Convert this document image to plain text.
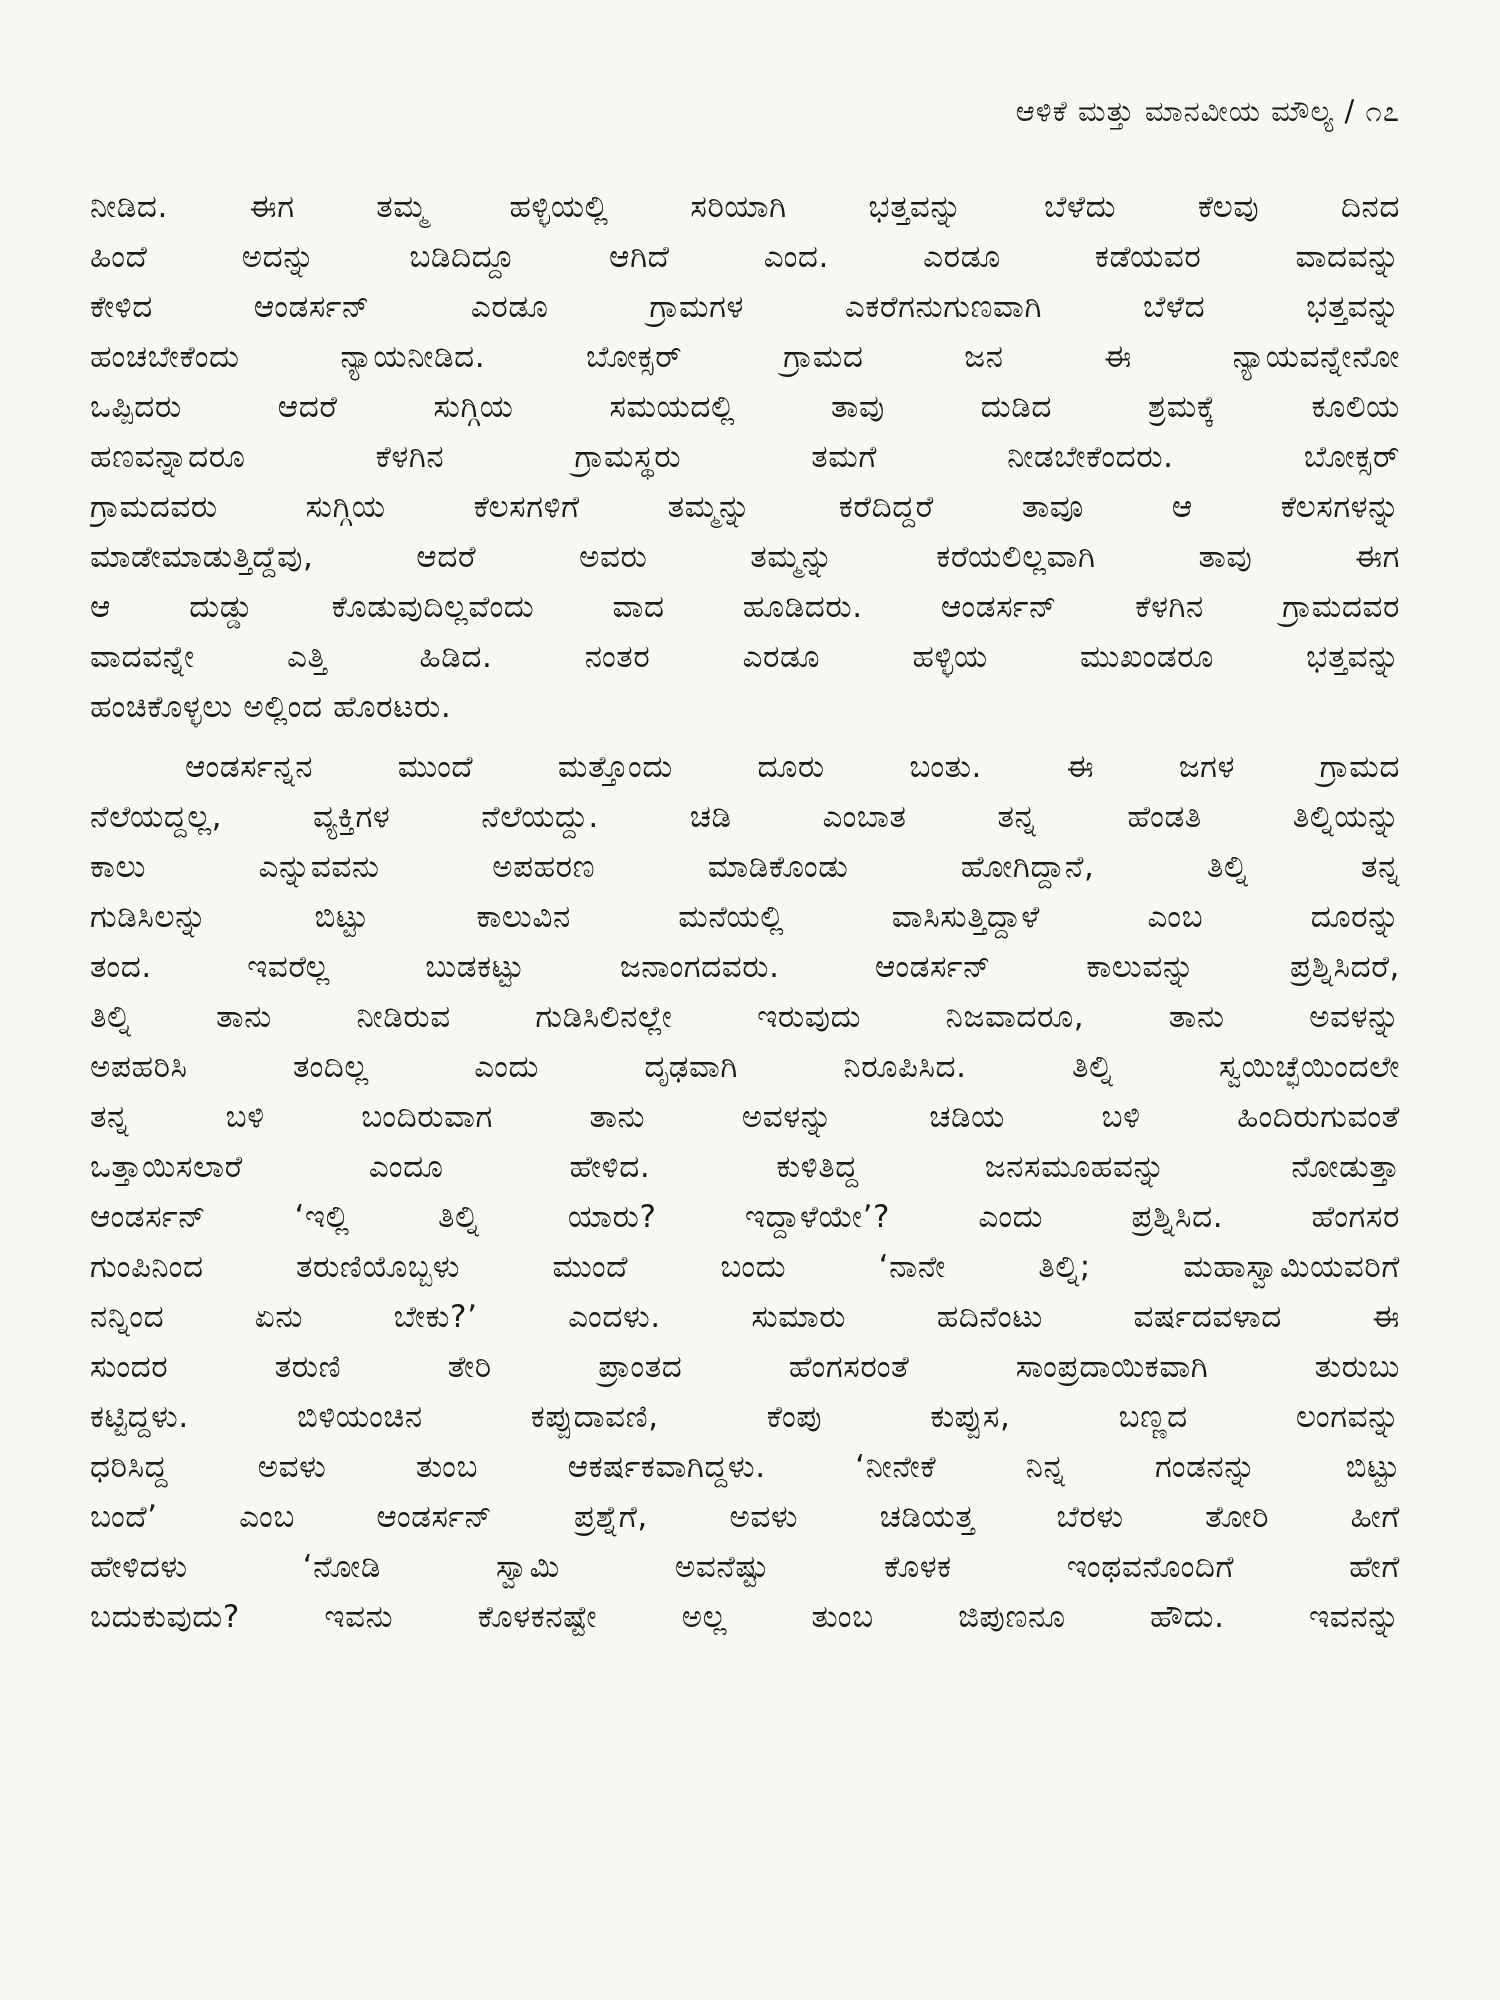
ಆಳಿಕೆ ಮತ್ತು ಮಾನವೀಯ ಮೌಲ್ಯ / ೧೭

ನೀಡಿದ. ಈಗ ತಮ್ಮ ಹಳ್ಳಿಯಲ್ಲಿ ಸರಿಯಾಗಿ ಭತ್ತವನ್ನು ಬೆಳೆದು ಕೆಲವು ದಿನದ
ಹಿಂದೆ ಅದನ್ನು ಬಡಿದಿದ್ದೂ ಆಗಿದೆ ಎಂದ. ಎರಡೂ ಕಡೆಯವರ ವಾದವನ್ನು
ಕೇಳಿದ ಆಂಡರ್ಸನ್ ಎರಡೂ ಗ್ರಾಮಗಳ ಎಕರೆಗನುಗುಣವಾಗಿ ಬೆಳೆದ ಭತ್ತವನ್ನು
ಹಂಚಬೇಕೆಂದು ನ್ಯಾಯನೀಡಿದ. ಬೋಕ್ಸರ್ ಗ್ರಾಮದ ಜನ ಈ ನ್ಯಾಯವನ್ನೇನೋ
ಒಪ್ಪಿದರು ಆದರೆ ಸುಗ್ಗಿಯ ಸಮಯದಲ್ಲಿ ತಾವು ದುಡಿದ ಶ್ರಮಕ್ಕೆ ಕೂಲಿಯ
ಹಣವನ್ನಾದರೂ ಕೆಳಗಿನ ಗ್ರಾಮಸ್ಥರು ತಮಗೆ ನೀಡಬೇಕೆಂದರು. ಬೋಕ್ಸರ್
ಗ್ರಾಮದವರು ಸುಗ್ಗಿಯ ಕೆಲಸಗಳಿಗೆ ತಮ್ಮನ್ನು ಕರೆದಿದ್ದರೆ ತಾವೂ ಆ ಕೆಲಸಗಳನ್ನು
ಮಾಡೇಮಾಡುತ್ತಿದ್ದೆವು, ಆದರೆ ಅವರು ತಮ್ಮನ್ನು ಕರೆಯಲಿಲ್ಲವಾಗಿ ತಾವು ಈಗ
ಆ ದುಡ್ಡು ಕೊಡುವುದಿಲ್ಲವೆಂದು ವಾದ ಹೂಡಿದರು. ಆಂಡರ್ಸನ್ ಕೆಳಗಿನ ಗ್ರಾಮದವರ
ವಾದವನ್ನೇ ಎತ್ತಿ ಹಿಡಿದ. ನಂತರ ಎರಡೂ ಹಳ್ಳಿಯ ಮುಖಂಡರೂ ಭತ್ತವನ್ನು
ಹಂಚಿಕೊಳ್ಳಲು ಅಲ್ಲಿಂದ ಹೊರಟರು.

ಆಂಡರ್ಸನ್ನನ ಮುಂದೆ ಮತ್ತೊಂದು ದೂರು ಬಂತು. ಈ ಜಗಳ ಗ್ರಾಮದ
ನೆಲೆಯದ್ದಲ್ಲ, ವ್ಯಕ್ತಿಗಳ ನೆಲೆಯದ್ದು. ಚಡಿ ಎಂಬಾತ ತನ್ನ ಹೆಂಡತಿ ತಿಲ್ನಿಯನ್ನು
ಕಾಲು ಎನ್ನುವವನು ಅಪಹರಣ ಮಾಡಿಕೊಂಡು ಹೋಗಿದ್ದಾನೆ, ತಿಲ್ನಿ ತನ್ನ
ಗುಡಿಸಿಲನ್ನು ಬಿಟ್ಟು ಕಾಲುವಿನ ಮನೆಯಲ್ಲಿ ವಾಸಿಸುತ್ತಿದ್ದಾಳೆ ಎಂಬ ದೂರನ್ನು
ತಂದ. ಇವರೆಲ್ಲ ಬುಡಕಟ್ಟು ಜನಾಂಗದವರು. ಆಂಡರ್ಸನ್ ಕಾಲುವನ್ನು ಪ್ರಶ್ನಿಸಿದರೆ,
ತಿಲ್ನಿ ತಾನು ನೀಡಿರುವ ಗುಡಿಸಿಲಿನಲ್ಲೇ ಇರುವುದು ನಿಜವಾದರೂ, ತಾನು ಅವಳನ್ನು
ಅಪಹರಿಸಿ ತಂದಿಲ್ಲ ಎಂದು ದೃಢವಾಗಿ ನಿರೂಪಿಸಿದ. ತಿಲ್ನಿ ಸ್ವಯಿಚ್ಛೆಯಿಂದಲೇ
ತನ್ನ ಬಳಿ ಬಂದಿರುವಾಗ ತಾನು ಅವಳನ್ನು ಚಡಿಯ ಬಳಿ ಹಿಂದಿರುಗುವಂತೆ
ಒತ್ತಾಯಿಸಲಾರೆ ಎಂದೂ ಹೇಳಿದ. ಕುಳಿತಿದ್ದ ಜನಸಮೂಹವನ್ನು ನೋಡುತ್ತಾ
ಆಂಡರ್ಸನ್ ‘ಇಲ್ಲಿ ತಿಲ್ನಿ ಯಾರು? ಇದ್ದಾಳೆಯೇ’? ಎಂದು ಪ್ರಶ್ನಿಸಿದ. ಹೆಂಗಸರ
ಗುಂಪಿನಿಂದ ತರುಣಿಯೊಬ್ಬಳು ಮುಂದೆ ಬಂದು ‘ನಾನೇ ತಿಲ್ನಿ; ಮಹಾಸ್ವಾಮಿಯವರಿಗೆ
ನನ್ನಿಂದ ಏನು ಬೇಕು?’ ಎಂದಳು. ಸುಮಾರು ಹದಿನೆಂಟು ವರ್ಷದವಳಾದ ಈ
ಸುಂದರ ತರುಣಿ ತೇರಿ ಪ್ರಾಂತದ ಹೆಂಗಸರಂತೆ ಸಾಂಪ್ರದಾಯಿಕವಾಗಿ ತುರುಬು
ಕಟ್ಟಿದ್ದಳು. ಬಿಳಿಯಂಚಿನ ಕಪ್ಪುದಾವಣಿ, ಕೆಂಪು ಕುಪ್ಪುಸ, ಬಣ್ಣದ ಲಂಗವನ್ನು
ಧರಿಸಿದ್ದ ಅವಳು ತುಂಬ ಆಕರ್ಷಕವಾಗಿದ್ದಳು. ‘ನೀನೇಕೆ ನಿನ್ನ ಗಂಡನನ್ನು ಬಿಟ್ಟು
ಬಂದೆ’ ಎಂಬ ಆಂಡರ್ಸನ್ ಪ್ರಶ್ನೆಗೆ, ಅವಳು ಚಡಿಯತ್ತ ಬೆರಳು ತೋರಿ ಹೀಗೆ
ಹೇಳಿದಳು ‘ನೋಡಿ ಸ್ವಾಮಿ ಅವನೆಷ್ಟು ಕೊಳಕ ಇಂಥವನೊಂದಿಗೆ ಹೇಗೆ
ಬದುಕುವುದು? ಇವನು ಕೊಳಕನಷ್ಟೇ ಅಲ್ಲ ತುಂಬ ಜಿಪುಣನೂ ಹೌದು. ಇವನನ್ನು
